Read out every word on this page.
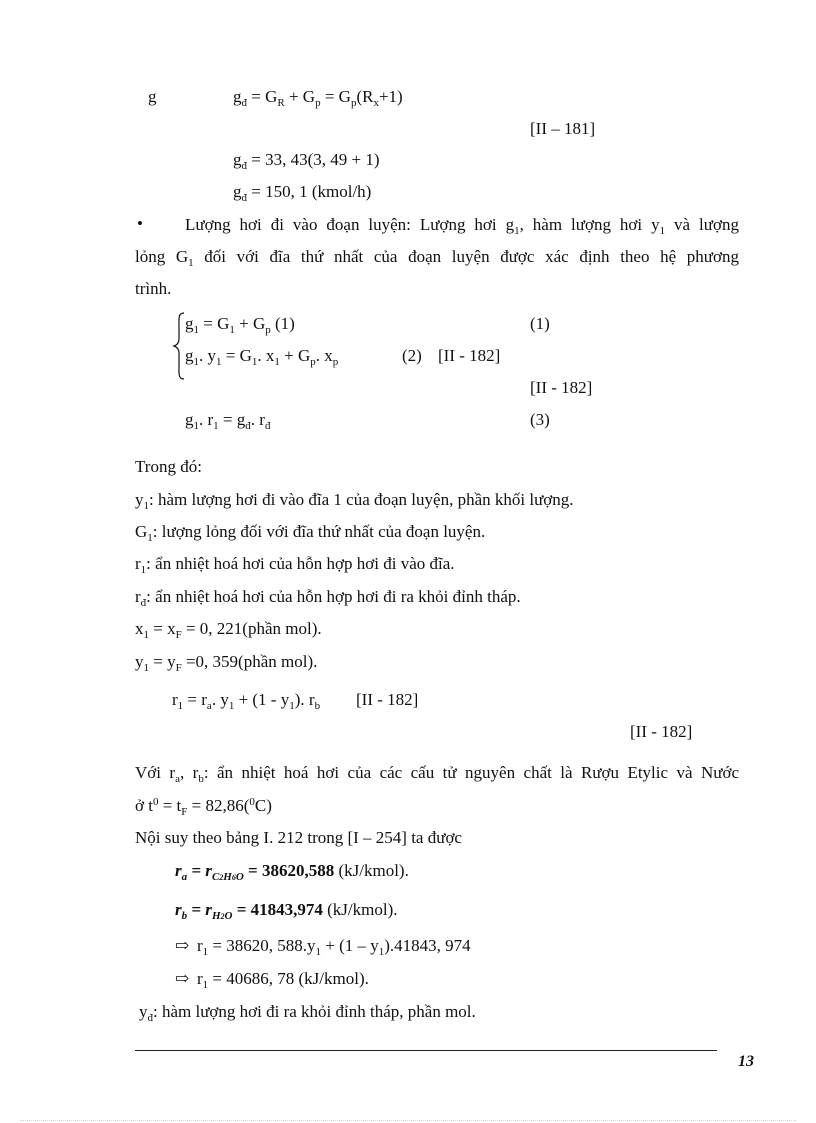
g	$g_đ = G_R + G_p = G_p(R_x+1)$
[II – 181]
$g_đ = 33$, 43(3, 49 + 1)
$g_đ = 150$, 1 (kmol/h)
• Lượng hơi đi vào đoạn luyện: Lượng hơi $g_1$, hàm lượng hơi $y_1$ và lượng
lỏng $G_1$ đối với đĩa thứ nhất của đoạn luyện được xác định theo hệ phương
trình.
$g_1 = G_1 + G_p$ (1)	(1)
$g_1$. $y_1 = G_1$. $x_1 + G_p$. $x_p$	(2) [II - 182]
[II - 182]
$g_1$. $r_1 = g_đ$. $r_đ$	(3)
Trong đó:
$y_1$: hàm lượng hơi đi vào đĩa 1 của đoạn luyện, phần khối lượng.
$G_1$: lượng lỏng đối với đĩa thứ nhất của đoạn luyện.
$r_1$: ẩn nhiệt hoá hơi của hỗn hợp hơi đi vào đĩa.
$r_đ$: ẩn nhiệt hoá hơi của hỗn hợp hơi đi ra khỏi đỉnh tháp.
$x_1 = x_F = 0$, 221(phần mol).
$y_1 = y_F =0$, 359(phần mol).
$r_1 = r_a$. $y_1 + (1 - y_1)$. $r_b$ [II - 182]
[II - 182]
Với $r_a$, $r_b$: ẩn nhiệt hoá hơi của các cấu tử nguyên chất là Rượu Etylic và Nước
ở $t^0 = t_F = 82,86(^0C)$
Nội suy theo bảng I. 212 trong [I – 254] ta được
$r_a = r_{C2H6O} = 38620,588$ (kJ/kmol).
$r_b = r_{H2O} = 41843,974$ (kJ/kmol).
⇨ $r_1 = 38620$, $588.y_1 + (1 - y_1).41843$, 974
⇨ $r_1 = 40686$, 78 (kJ/kmol).
$y_đ$: hàm lượng hơi đi ra khỏi đỉnh tháp, phần mol.
13
